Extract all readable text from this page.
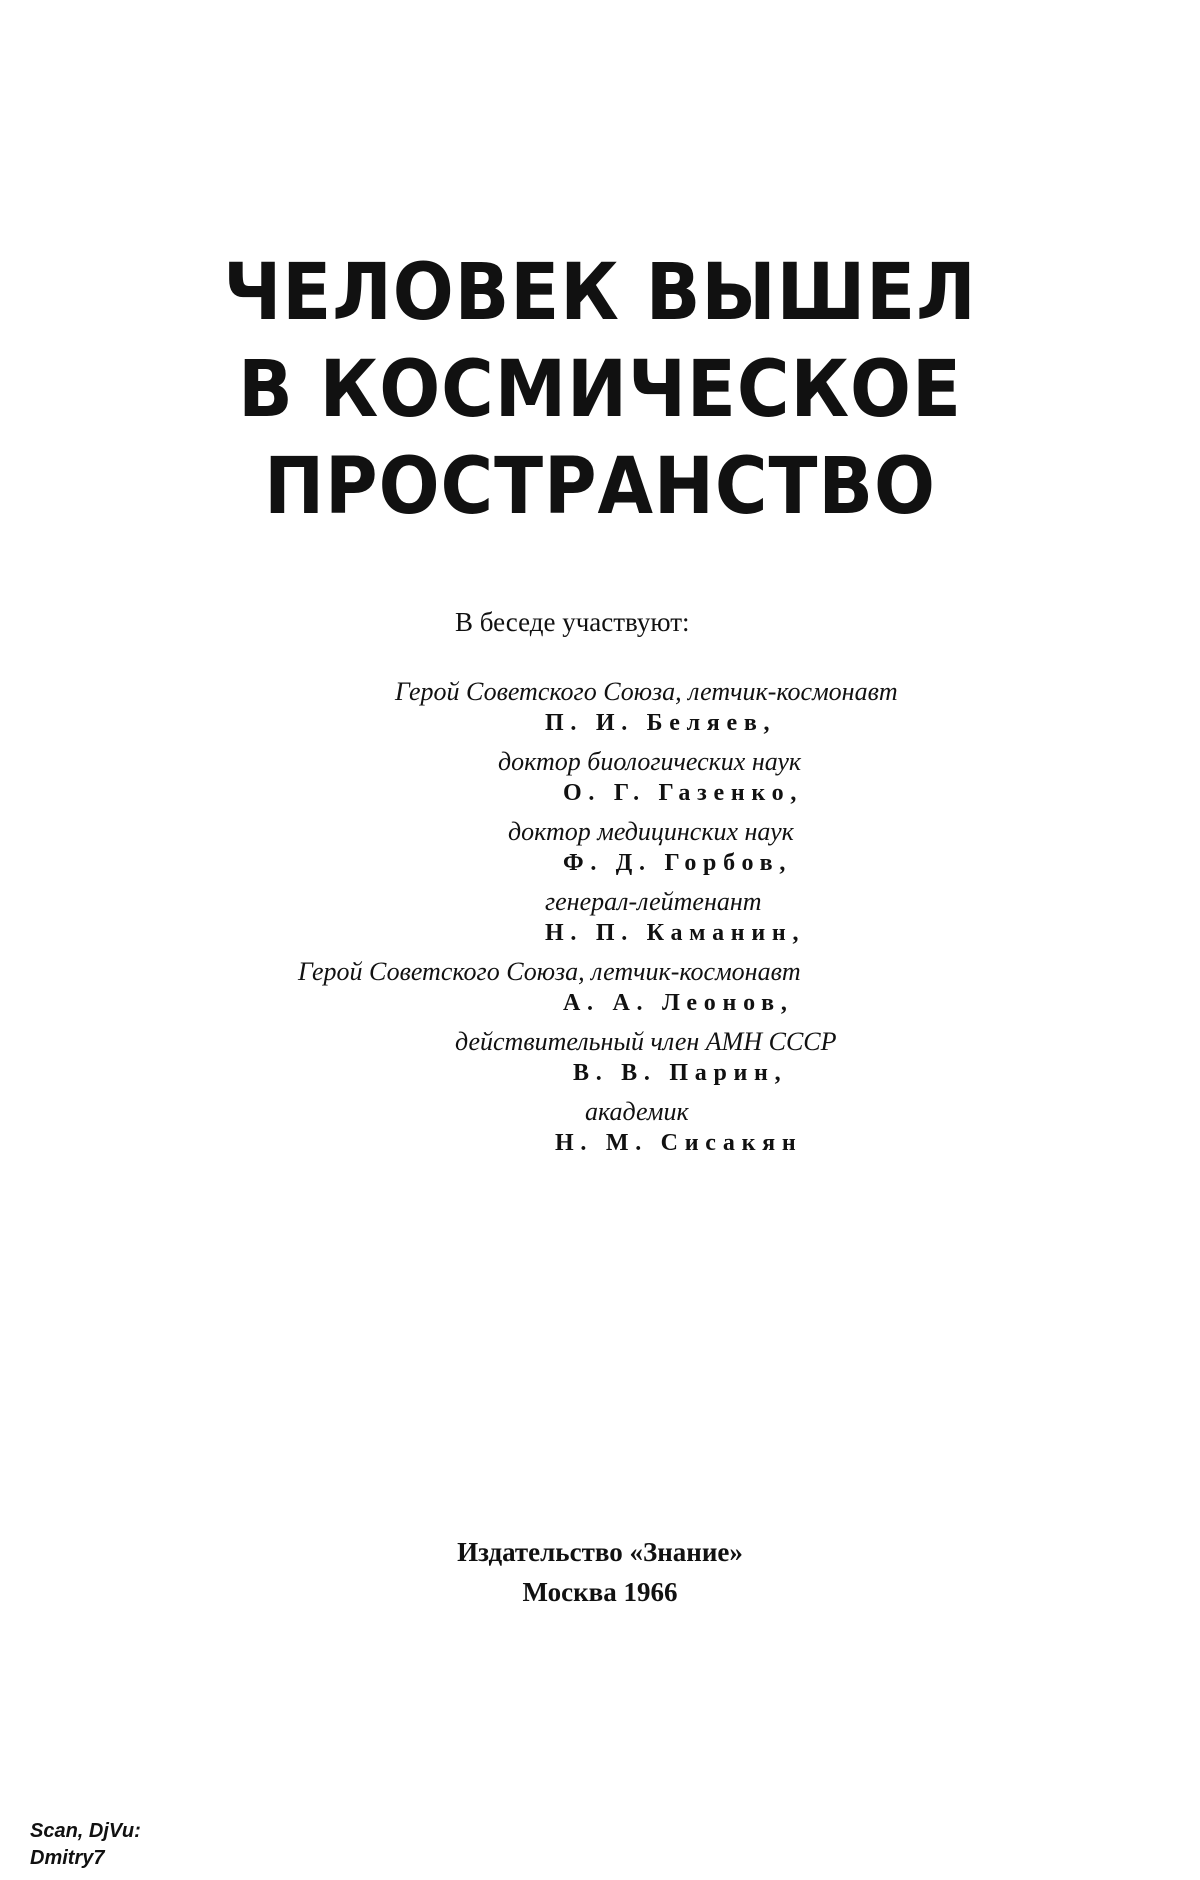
ЧЕЛОВЕК ВЫШЕЛ
В КОСМИЧЕСКОЕ
ПРОСТРАНСТВО
В беседе участвуют:
Герой Советского Союза, летчик-космонавт
П. И. Беляев,
доктор биологических наук
О. Г. Газенко,
доктор медицинских наук
Ф. Д. Горбов,
генерал-лейтенант
Н. П. Каманин,
Герой Советского Союза, летчик-космонавт
А. А. Леонов,
действительный член АМН СССР
В. В. Парин,
академик
Н. М. Сисакян
Издательство «Знание»
Москва 1966
Scan, DjVu:
Dmitry7
